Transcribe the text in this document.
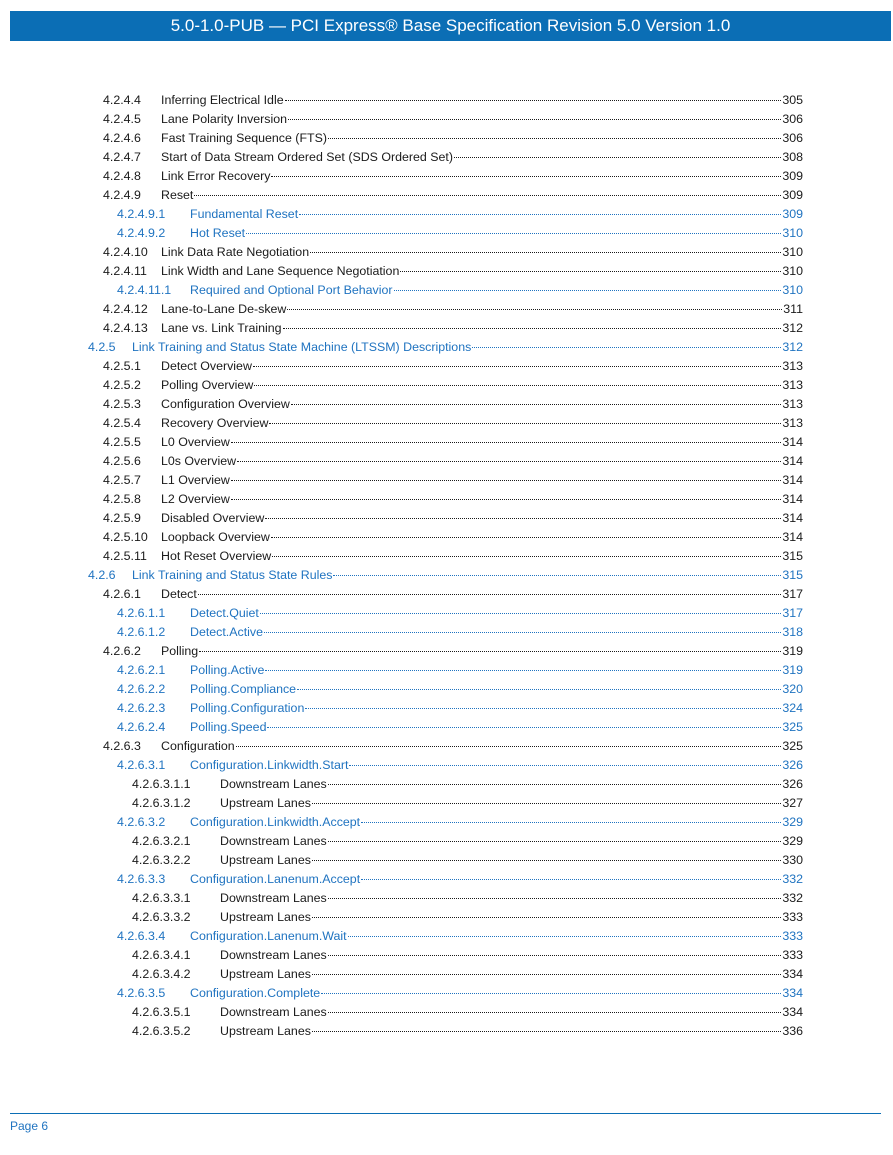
5.0-1.0-PUB — PCI Express® Base Specification Revision 5.0 Version 1.0
4.2.4.4	Inferring Electrical Idle	305
4.2.4.5	Lane Polarity Inversion	306
4.2.4.6	Fast Training Sequence (FTS)	306
4.2.4.7	Start of Data Stream Ordered Set (SDS Ordered Set)	308
4.2.4.8	Link Error Recovery	309
4.2.4.9	Reset	309
4.2.4.9.1	Fundamental Reset	309
4.2.4.9.2	Hot Reset	310
4.2.4.10	Link Data Rate Negotiation	310
4.2.4.11	Link Width and Lane Sequence Negotiation	310
4.2.4.11.1	Required and Optional Port Behavior	310
4.2.4.12	Lane-to-Lane De-skew	311
4.2.4.13	Lane vs. Link Training	312
4.2.5	Link Training and Status State Machine (LTSSM) Descriptions	312
4.2.5.1	Detect Overview	313
4.2.5.2	Polling Overview	313
4.2.5.3	Configuration Overview	313
4.2.5.4	Recovery Overview	313
4.2.5.5	L0 Overview	314
4.2.5.6	L0s Overview	314
4.2.5.7	L1 Overview	314
4.2.5.8	L2 Overview	314
4.2.5.9	Disabled Overview	314
4.2.5.10	Loopback Overview	314
4.2.5.11	Hot Reset Overview	315
4.2.6	Link Training and Status State Rules	315
4.2.6.1	Detect	317
4.2.6.1.1	Detect.Quiet	317
4.2.6.1.2	Detect.Active	318
4.2.6.2	Polling	319
4.2.6.2.1	Polling.Active	319
4.2.6.2.2	Polling.Compliance	320
4.2.6.2.3	Polling.Configuration	324
4.2.6.2.4	Polling.Speed	325
4.2.6.3	Configuration	325
4.2.6.3.1	Configuration.Linkwidth.Start	326
4.2.6.3.1.1	Downstream Lanes	326
4.2.6.3.1.2	Upstream Lanes	327
4.2.6.3.2	Configuration.Linkwidth.Accept	329
4.2.6.3.2.1	Downstream Lanes	329
4.2.6.3.2.2	Upstream Lanes	330
4.2.6.3.3	Configuration.Lanenum.Accept	332
4.2.6.3.3.1	Downstream Lanes	332
4.2.6.3.3.2	Upstream Lanes	333
4.2.6.3.4	Configuration.Lanenum.Wait	333
4.2.6.3.4.1	Downstream Lanes	333
4.2.6.3.4.2	Upstream Lanes	334
4.2.6.3.5	Configuration.Complete	334
4.2.6.3.5.1	Downstream Lanes	334
4.2.6.3.5.2	Upstream Lanes	336
Page 6
